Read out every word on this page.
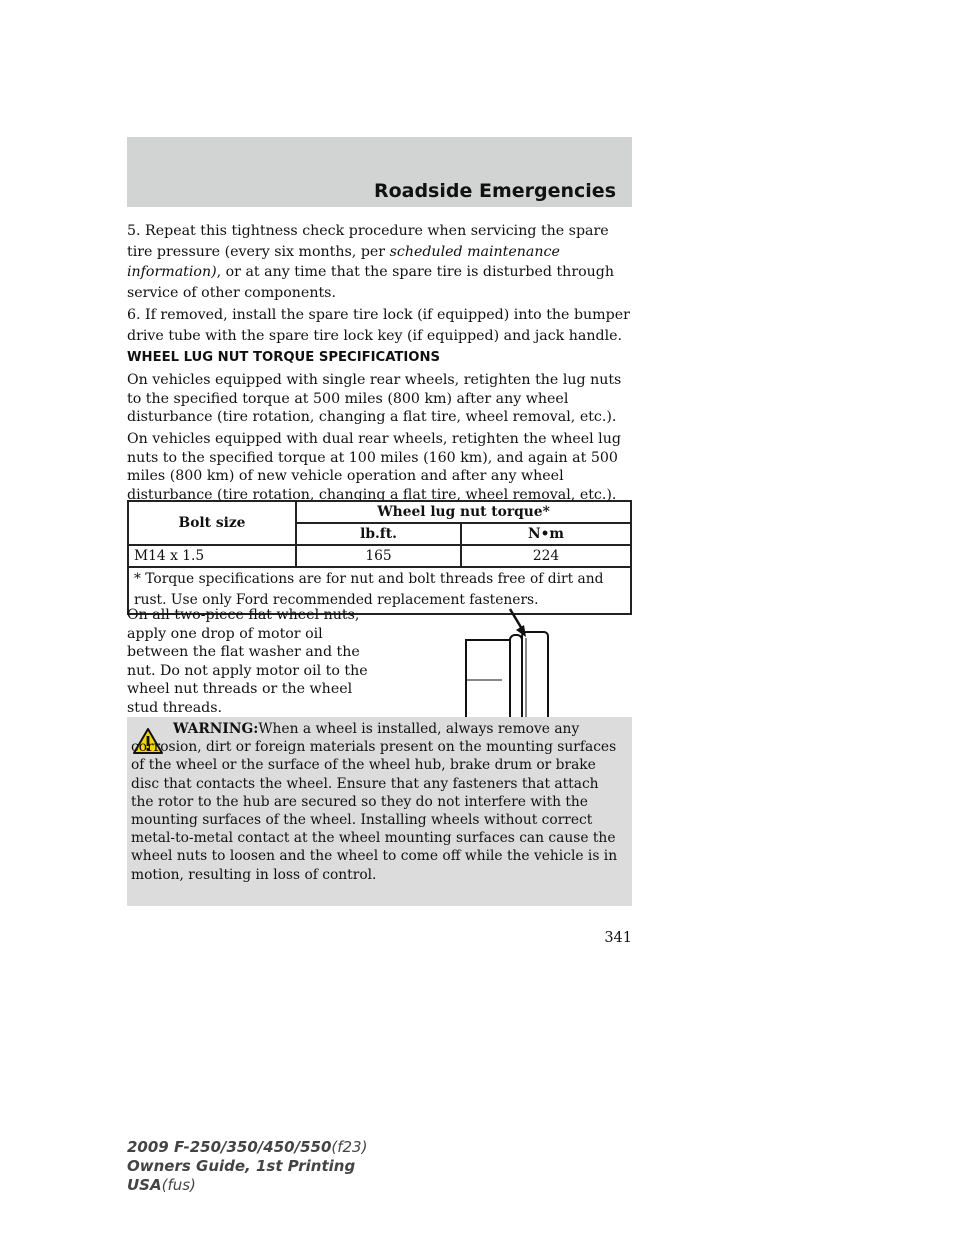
Roadside Emergencies

5. Repeat this tightness check procedure when servicing the spare tire pressure (every six months, per scheduled maintenance information), or at any time that the spare tire is disturbed through service of other components.

6. If removed, install the spare tire lock (if equipped) into the bumper drive tube with the spare tire lock key (if equipped) and jack handle.

WHEEL LUG NUT TORQUE SPECIFICATIONS

On vehicles equipped with single rear wheels, retighten the lug nuts to the specified torque at 500 miles (800 km) after any wheel disturbance (tire rotation, changing a flat tire, wheel removal, etc.).

On vehicles equipped with dual rear wheels, retighten the wheel lug nuts to the specified torque at 100 miles (160 km), and again at 500 miles (800 km) of new vehicle operation and after any wheel disturbance (tire rotation, changing a flat tire, wheel removal, etc.).

Bolt size	Wheel lug nut torque*	
	lb.ft.	N•m
M14 x 1.5	165	224
* Torque specifications are for nut and bolt threads free of dirt and rust. Use only Ford recommended replacement fasteners.		

On all two-piece flat wheel nuts, apply one drop of motor oil between the flat washer and the nut. Do not apply motor oil to the wheel nut threads or the wheel stud threads.

WARNING:When a wheel is installed, always remove any corrosion, dirt or foreign materials present on the mounting surfaces of the wheel or the surface of the wheel hub, brake drum or brake disc that contacts the wheel. Ensure that any fasteners that attach the rotor to the hub are secured so they do not interfere with the mounting surfaces of the wheel. Installing wheels without correct metal-to-metal contact at the wheel mounting surfaces can cause the wheel nuts to loosen and the wheel to come off while the vehicle is in motion, resulting in loss of control.

341
2009 F-250/350/450/550(f23)
Owners Guide, 1st Printing
USA(fus)
